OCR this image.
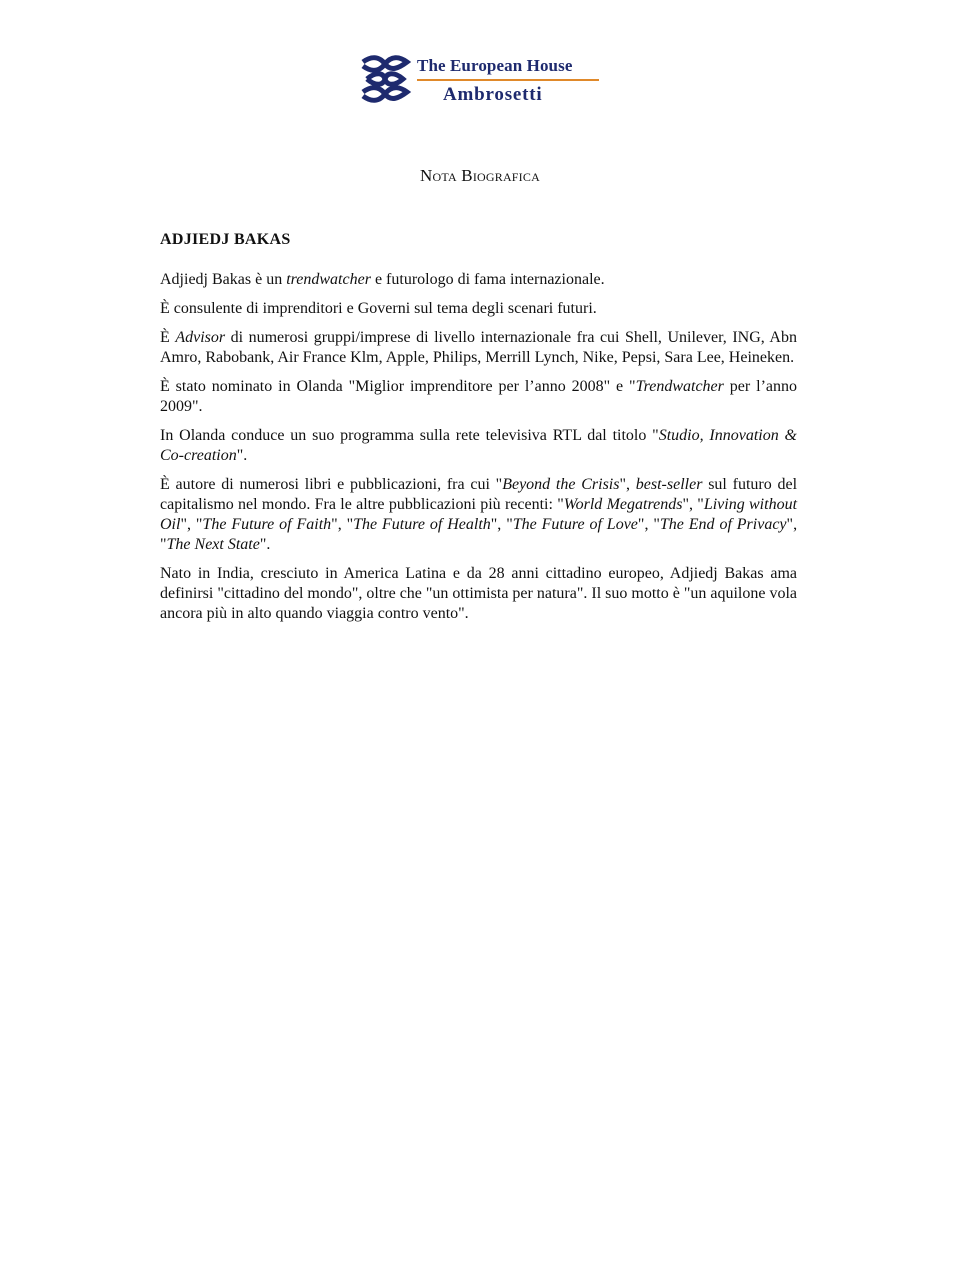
The European House
Ambrosetti
Nota Biografica
ADJIEDJ BAKAS

Adjiedj Bakas è un trendwatcher e futurologo di fama internazionale.

È consulente di imprenditori e Governi sul tema degli scenari futuri.

È Advisor di numerosi gruppi/imprese di livello internazionale fra cui Shell, Unilever, ING, Abn Amro, Rabobank, Air France Klm, Apple, Philips, Merrill Lynch, Nike, Pepsi, Sara Lee, Heineken.

È stato nominato in Olanda "Miglior imprenditore per l’anno 2008" e "Trendwatcher per l’anno 2009".

In Olanda conduce un suo programma sulla rete televisiva RTL dal titolo "Studio, Innovation & Co-creation".

È autore di numerosi libri e pubblicazioni, fra cui "Beyond the Crisis", best-seller sul futuro del capitalismo nel mondo. Fra le altre pubblicazioni più recenti: "World Megatrends", "Living without Oil", "The Future of Faith", "The Future of Health", "The Future of Love", "The End of Privacy", "The Next State".

Nato in India, cresciuto in America Latina e da 28 anni cittadino europeo, Adjiedj Bakas ama definirsi "cittadino del mondo", oltre che "un ottimista per natura". Il suo motto è "un aquilone vola ancora più in alto quando viaggia contro vento".
